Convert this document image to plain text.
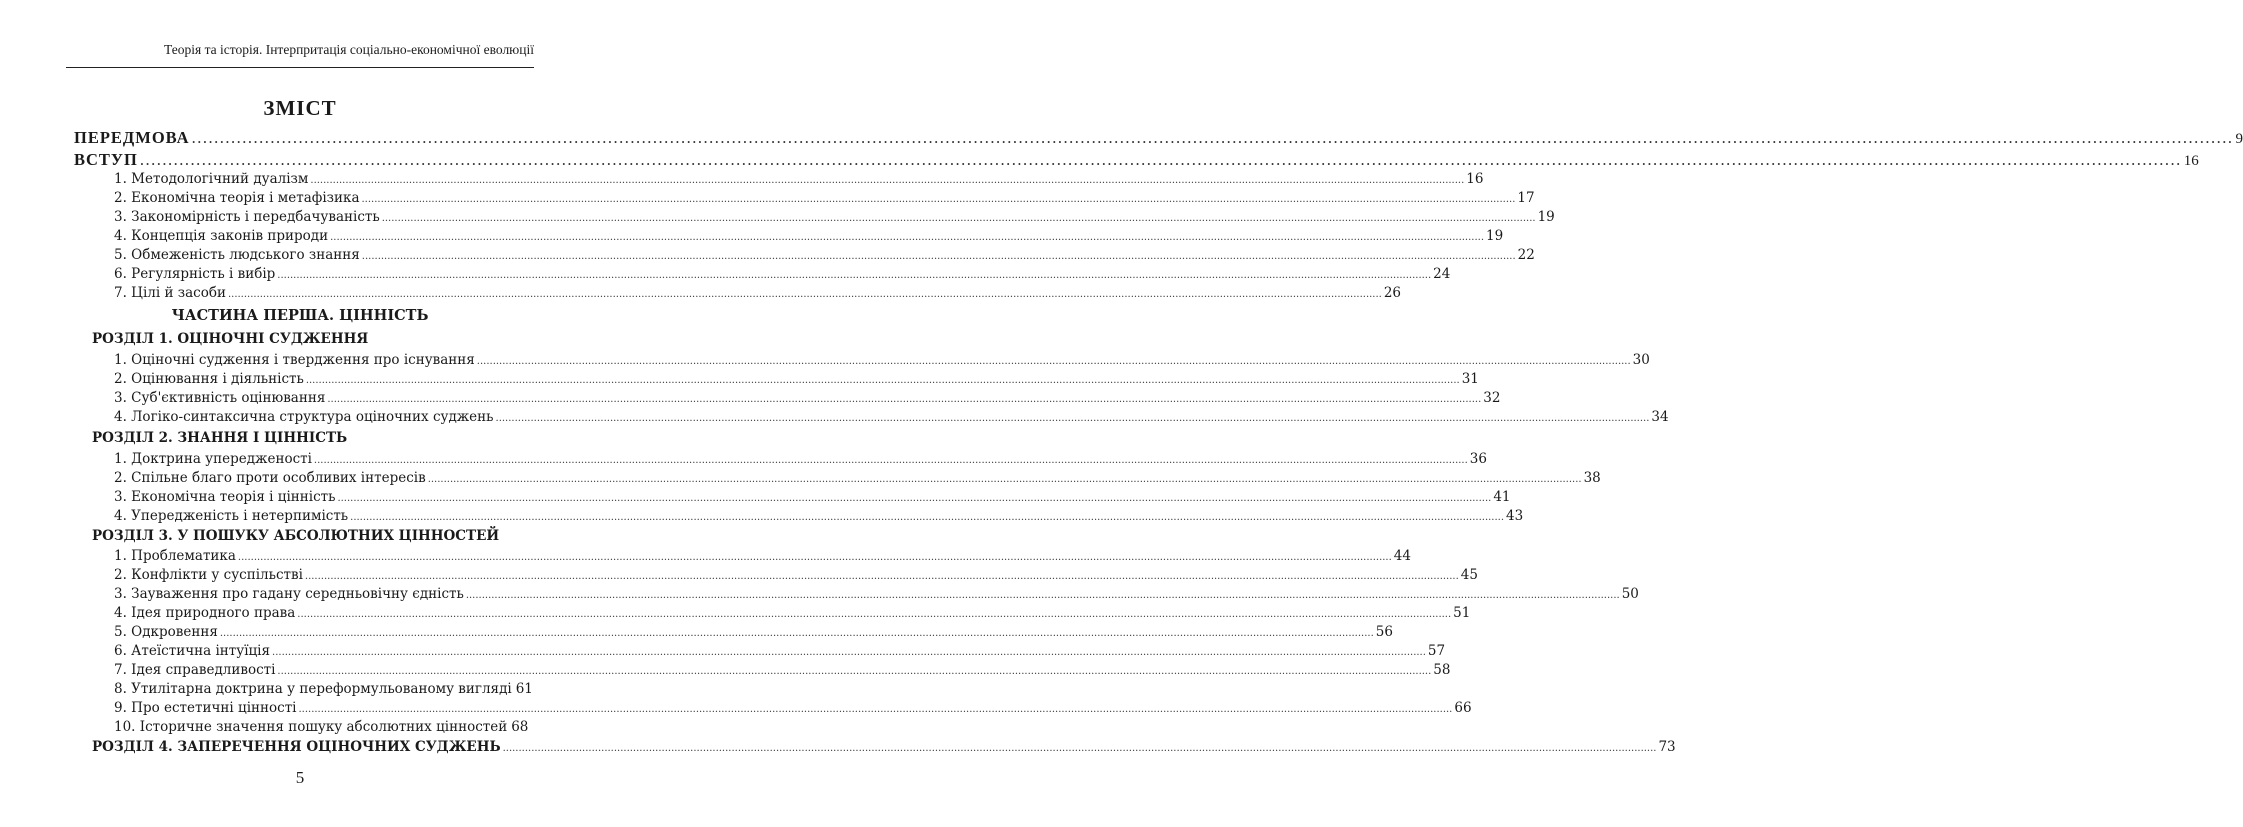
Теорія та історія. Інтерпритація соціально-економічної еволюції
ЗМІСТ
ПЕРЕДМОВА .....	9
ВСТУП .....	16
1. Методологічний дуалізм .....	16
2. Економічна теорія і метафізика .....	17
3. Закономірність і передбачуваність .....	19
4. Концепція законів природи .....	19
5. Обмеженість людського знання .....	22
6. Регулярність і вибір .....	24
7. Цілі й засоби .....	26
ЧАСТИНА ПЕРША. ЦІННІСТЬ
РОЗДІЛ 1. ОЦІНОЧНІ СУДЖЕННЯ
1. Оціночні судження і твердження про існування .....	30
2. Оцінювання і діяльність .....	31
3. Суб'єктивність оцінювання .....	32
4. Логіко-синтаксична структура оціночних суджень .....	34
РОЗДІЛ 2. ЗНАННЯ І ЦІННІСТЬ
1. Доктрина упередженості .....	36
2. Спільне благо проти особливих інтересів .....	38
3. Економічна теорія і цінність .....	41
4. Упередженість і нетерпимість .....	43
РОЗДІЛ 3. У ПОШУКУ АБСОЛЮТНИХ ЦІННОСТЕЙ
1. Проблематика .....	44
2. Конфлікти у суспільстві .....	45
3. Зауваження про гадану середньовічну єдність .....	50
4. Ідея природного права .....	51
5. Одкровення .....	56
6. Атеїстична інтуїція .....	57
7. Ідея справедливості .....	58
8. Утилітарна доктрина у переформульованому вигляді 61
9. Про естетичні цінності .....	66
10. Історичне значення пошуку абсолютних цінностей 68
РОЗДІЛ 4. ЗАПЕРЕЧЕННЯ ОЦІНОЧНИХ СУДЖЕНЬ .....	73
5
